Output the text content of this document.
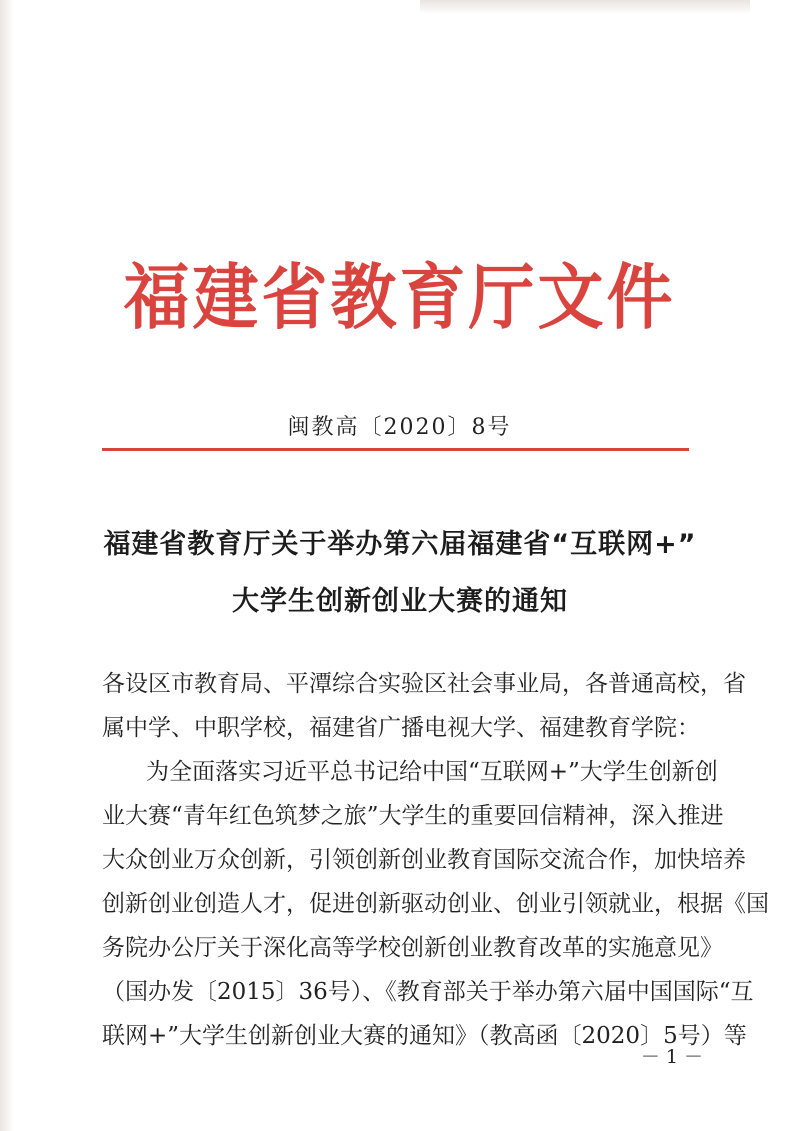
福建省教育厅文件
闽教高〔2020〕8号
福建省教育厅关于举办第六届福建省“互联网+”
大学生创新创业大赛的通知
各设区市教育局、平潭综合实验区社会事业局，各普通高校，省
属中学、中职学校，福建省广播电视大学、福建教育学院：
为全面落实习近平总书记给中国“互联网+”大学生创新创
业大赛“青年红色筑梦之旅”大学生的重要回信精神，深入推进
大众创业万众创新，引领创新创业教育国际交流合作，加快培养
创新创业创造人才，促进创新驱动创业、创业引领就业，根据《国
务院办公厅关于深化高等学校创新创业教育改革的实施意见》
（国办发〔2015〕36号）、《教育部关于举办第六届中国国际“互
联网+”大学生创新创业大赛的通知》（教高函〔2020〕5号）等
－ 1 －
